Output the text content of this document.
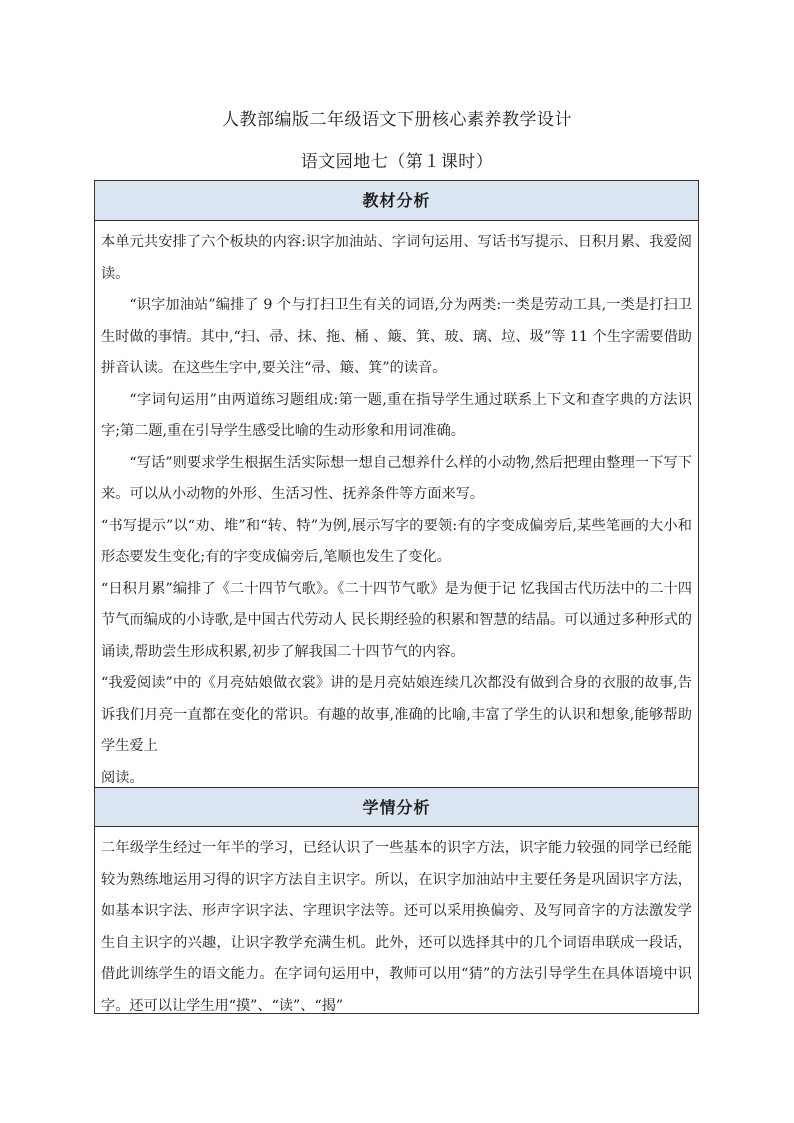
人教部编版二年级语文下册核心素养教学设计
语文园地七（第１课时）
教材分析

本单元共安排了六个板块的内容:识字加油站、字词句运用、写话书写提示、日积月累、我爱阅读。

“识字加油站”编排了 9 个与打扫卫生有关的词语,分为两类:一类是劳动工具,一类是打扫卫生时做的事情。其中,“扫、帚、抹、拖、桶 、簸、箕、玻、璃、垃、圾”等 11 个生字需要借助拼音认读。在这些生字中,要关注“帚、簸、箕”的读音。

“字词句运用”由两道练习题组成:第一题,重在指导学生通过联系上下文和查字典的方法识字;第二题,重在引导学生感受比喻的生动形象和用词准确。

“写话”则要求学生根据生活实际想一想自己想养什么样的小动物,然后把理由整理一下写下来。可以从小动物的外形、生活习性、抚养条件等方面来写。

“书写提示”以“劝、堆”和“转、特”为例,展示写字的要领:有的字变成偏旁后,某些笔画的大小和形态要发生变化;有的字变成偏旁后,笔顺也发生了变化。

“日积月累”编排了《二十四节气歌》。《二十四节气歌》是为便于记 忆我国古代历法中的二十四节气而编成的小诗歌,是中国古代劳动人 民长期经验的积累和智慧的结晶。可以通过多种形式的诵读,帮助尝生形成积累,初步了解我国二十四节气的内容。

“我爱阅读”中的《月亮姑娘做衣裳》讲的是月亮姑娘连续几次都没有做到合身的衣服的故事,告诉我们月亮一直都在变化的常识。有趣的故事,准确的比喻,丰富了学生的认识和想象,能够帮助学生爱上

阅读。

学情分析

二年级学生经过一年半的学习，已经认识了一些基本的识字方法，识字能力较强的同学已经能较为熟练地运用习得的识字方法自主识字。所以，在识字加油站中主要任务是巩固识字方法，如基本识字法、形声字识字法、字理识字法等。还可以采用换偏旁、及写同音字的方法激发学生自主识字的兴趣，让识字教学充满生机。此外，还可以选择其中的几个词语串联成一段话，借此训练学生的语文能力。在字词句运用中，教师可以用“猜”的方法引导学生在具体语境中识字。还可以让学生用“摸”、“读”、“揭”
